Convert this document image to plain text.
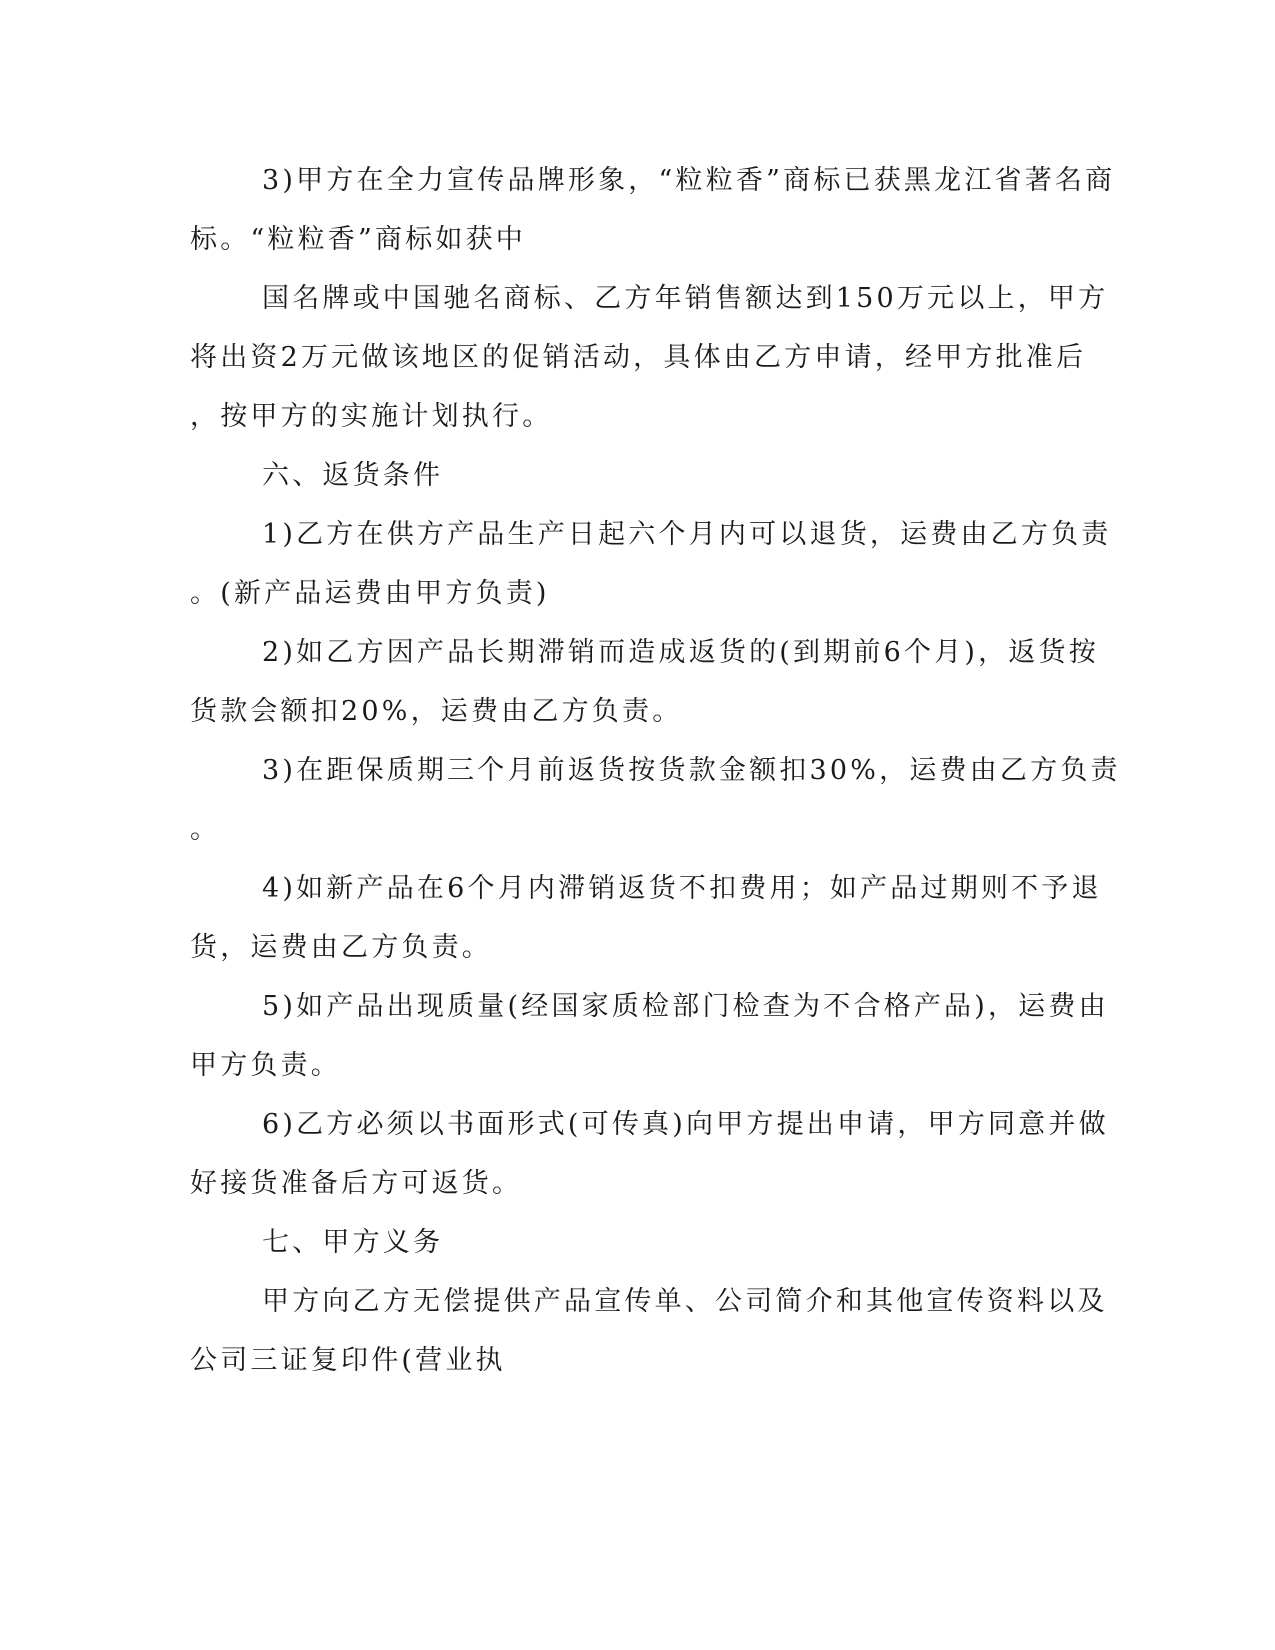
3)甲方在全力宣传品牌形象，“粒粒香”商标已获黑龙江省著名商

标。“粒粒香”商标如获中

国名牌或中国驰名商标、乙方年销售额达到150万元以上，甲方

将出资2万元做该地区的促销活动，具体由乙方申请，经甲方批准后

，按甲方的实施计划执行。

六、返货条件

1)乙方在供方产品生产日起六个月内可以退货，运费由乙方负责

。(新产品运费由甲方负责)

2)如乙方因产品长期滞销而造成返货的(到期前6个月)，返货按

货款会额扣20%，运费由乙方负责。

3)在距保质期三个月前返货按货款金额扣30%，运费由乙方负责

。

4)如新产品在6个月内滞销返货不扣费用；如产品过期则不予退

货，运费由乙方负责。

5)如产品出现质量(经国家质检部门检查为不合格产品)，运费由

甲方负责。

6)乙方必须以书面形式(可传真)向甲方提出申请，甲方同意并做

好接货准备后方可返货。

七、甲方义务

甲方向乙方无偿提供产品宣传单、公司简介和其他宣传资料以及

公司三证复印件(营业执
